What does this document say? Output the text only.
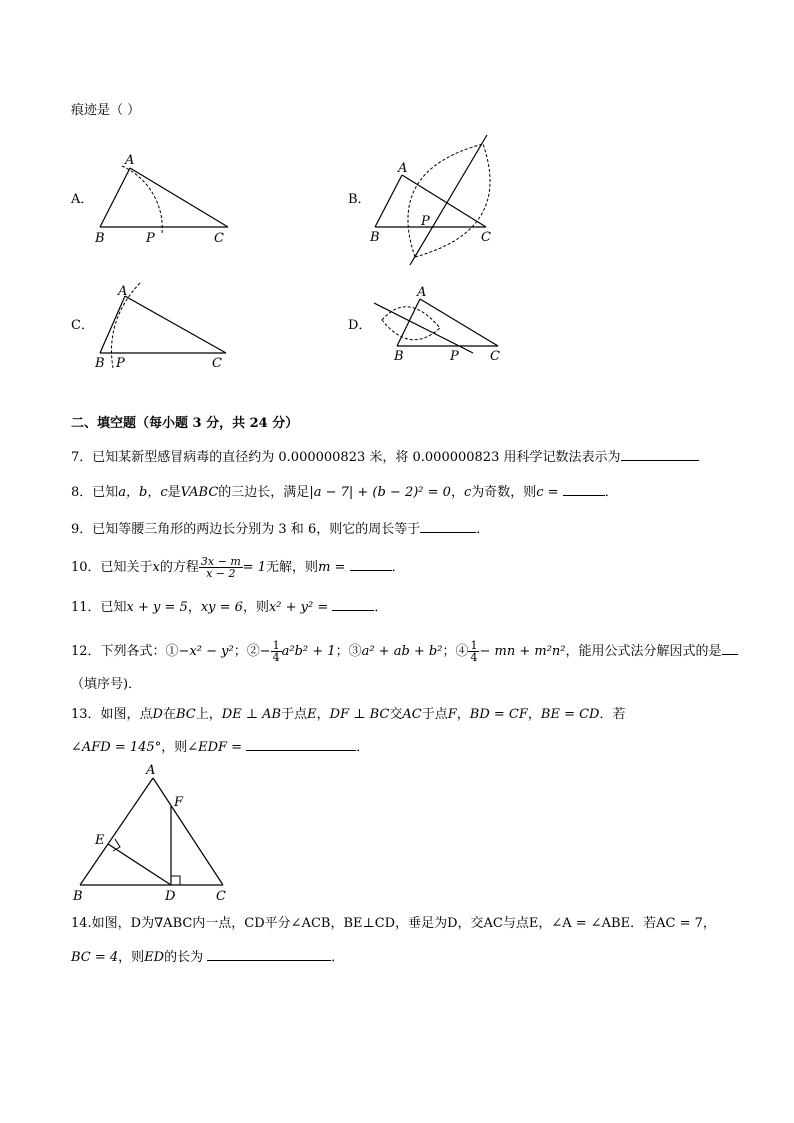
痕迹是（ ）
A．
A
B	P	C
B．
A
P
B	C
C．
A
B P	C
D．
A
B	P C
二、填空题（每小题 3 分，共 24 分）
7．已知某新型感冒病毒的直径约为 0.000000823 米，将 0.000000823 用科学记数法表示为
8．已知a，b，c是VABC的三边长，满足|a − 7| + (b − 2)² = 0，c为奇数，则c =	．
9．已知等腰三角形的两边长分别为 3 和 6，则它的周长等于	．
10．已知关于x的方程 $\frac{3x - m}{x - 2} = 1$无解，则m =	．
11．已知x + y = 5，xy = 6，则x² + y² =	．
12．下列各式：①−x² − y²；②− $\frac{1}{4} a^2b^2 + 1$；③a² + ab + b²；④ $\frac{1}{4}$ − mn + m²n²，能用公式法分解因式的是
（填序号)．
13．如图，点D在BC上，DE ⊥ AB于点E，DF ⊥ BC交AC于点F，BD = CF，BE = CD．若
∠AFD = 145°，则∠EDF =	．
A
F
E
B	D	C
14.如图，D为∇ABC内一点，CD平分∠ACB，BE⊥CD，垂足为D，交AC与点E，∠A = ∠ABE．若AC = 7，
BC = 4，则ED的长为	．
